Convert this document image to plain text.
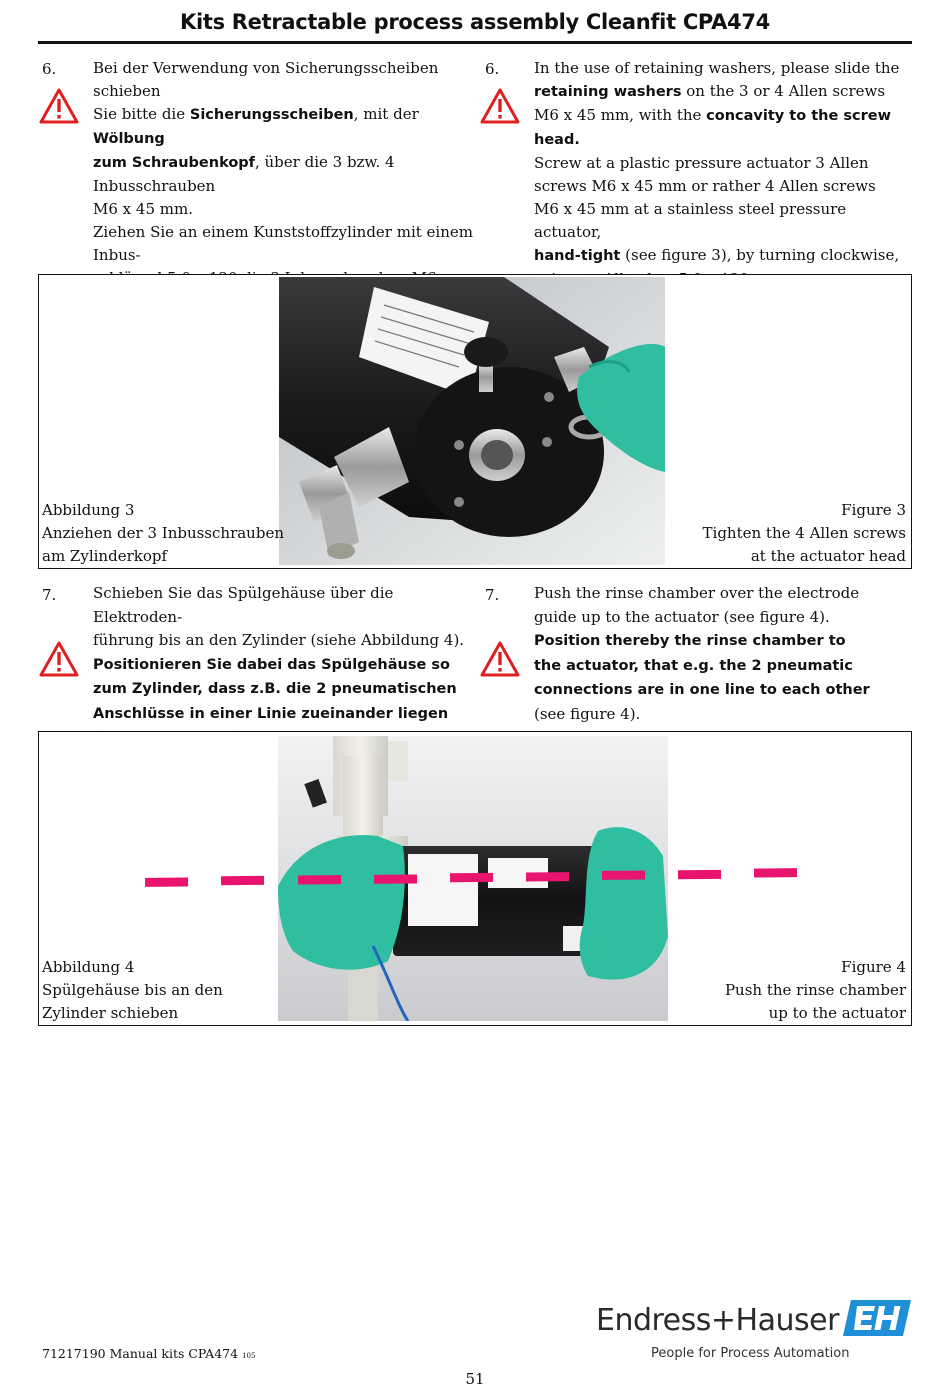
Kits Retractable process assembly Cleanfit CPA474
6. Bei der Verwendung von Sicherungsscheiben schieben
Sie bitte die Sicherungsscheiben, mit der Wölbung
zum Schraubenkopf, über die 3 bzw. 4 Inbusschrauben
M6 x 45 mm.
Ziehen Sie an einem Kunststoffzylinder mit einem Inbus-
6. In the use of retaining washers, please slide the
retaining washers on the 3 or 4 Allen screws
M6 x 45 mm, with the concavity to the screw
head.
Screw at a plastic pressure actuator 3 Allen
screws M6 x 45 mm or rather 4 Allen screws
M6 x 45 mm at a stainless steel pressure actuator,
hand-tight (see figure 3), by turning clockwise,
Abbildung 3
Anziehen der 3 Inbusschrauben
am Zylinderkopf
Figure 3
Tighten the 4 Allen screws
at the actuator head
7. Schieben Sie das Spülgehäuse über die Elektroden-
führung bis an den Zylinder (siehe Abbildung 4).
Positionieren Sie dabei das Spülgehäuse so
zum Zylinder, dass z.B. die 2 pneumatischen
Anschlüsse in einer Linie zueinander liegen
7. Push the rinse chamber over the electrode
guide up to the actuator (see figure 4).
Position thereby the rinse chamber to
the actuator, that e.g. the 2 pneumatic
connections are in one line to each other
(see figure 4).
Abbildung 4
Spülgehäuse bis an den
Zylinder schieben
Figure 4
Push the rinse chamber
up to the actuator
Endress+Hauser
People for Process Automation
71217190 Manual kits CPA474 105
51
